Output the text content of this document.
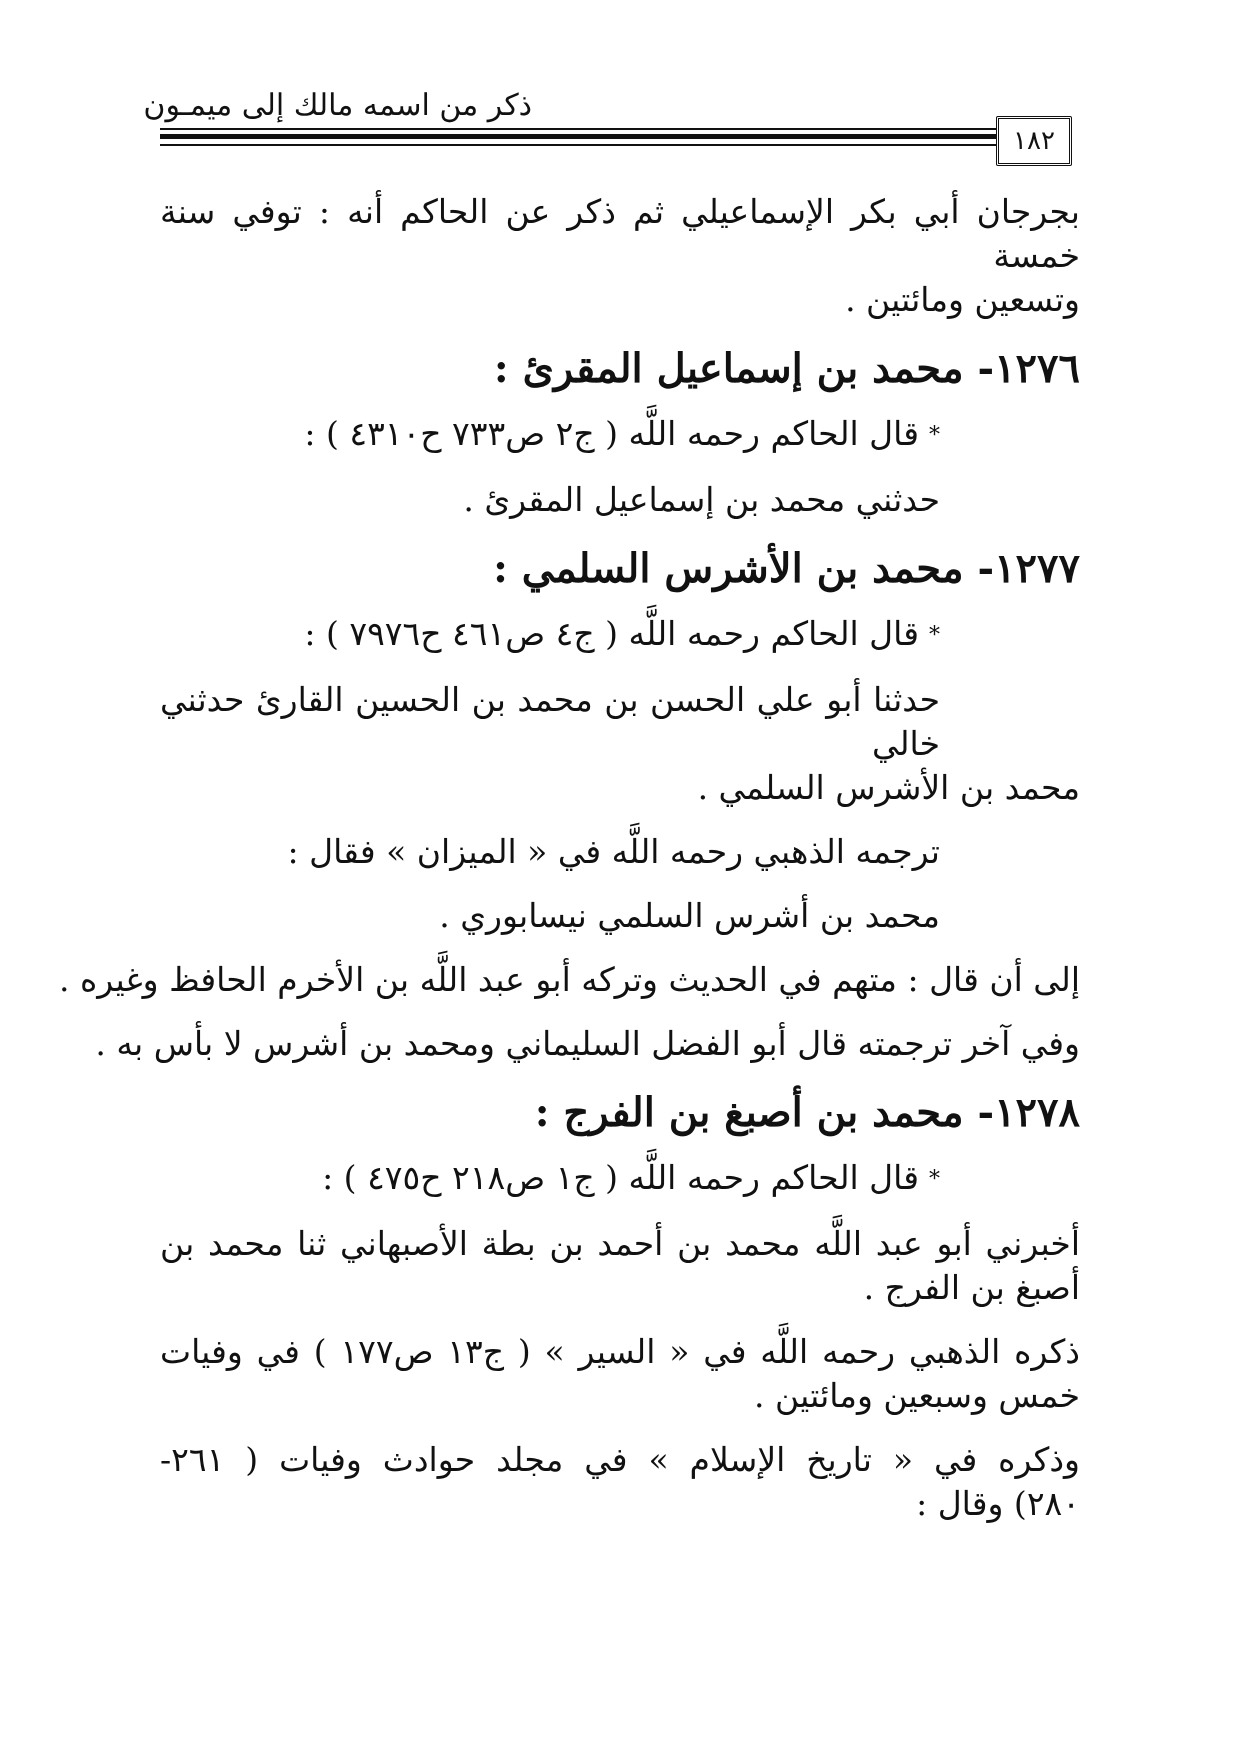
ذكر من اسمه مالك إلى ميمـون
١٨٢
بجرجان أبي بكر الإسماعيلي ثم ذكر عن الحاكم أنه : توفي سنة خمسة
وتسعين ومائتين .
١٢٧٦- محمد بن إسماعيل المقرئ :
*قال الحاكم رحمه اللَّه ( ج٢ ص٧٣٣ ح٤٣١٠ ) :
حدثني محمد بن إسماعيل المقرئ .
١٢٧٧- محمد بن الأشرس السلمي :
*قال الحاكم رحمه اللَّه ( ج٤ ص٤٦١ ح٧٩٧٦ ) :
حدثنا أبو علي الحسن بن محمد بن الحسين القارئ حدثني خالي
محمد بن الأشرس السلمي .
ترجمه الذهبي رحمه اللَّه في « الميزان » فقال :
محمد بن أشرس السلمي نيسابوري .
إلى أن قال : متهم في الحديث وتركه أبو عبد اللَّه بن الأخرم الحافظ وغيره .
وفي آخر ترجمته قال أبو الفضل السليماني ومحمد بن أشرس لا بأس به .
١٢٧٨- محمد بن أصبغ بن الفرج :
*قال الحاكم رحمه اللَّه ( ج١ ص٢١٨ ح٤٧٥ ) :
أخبرني أبو عبد اللَّه محمد بن أحمد بن بطة الأصبهاني ثنا محمد بن
أصبغ بن الفرج .
ذكره الذهبي رحمه اللَّه في « السير » ( ج١٣ ص١٧٧ ) في وفيات
خمس وسبعين ومائتين .
وذكره في « تاريخ الإسلام » في مجلد حوادث وفيات ( ٢٦١-
٢٨٠) وقال :
